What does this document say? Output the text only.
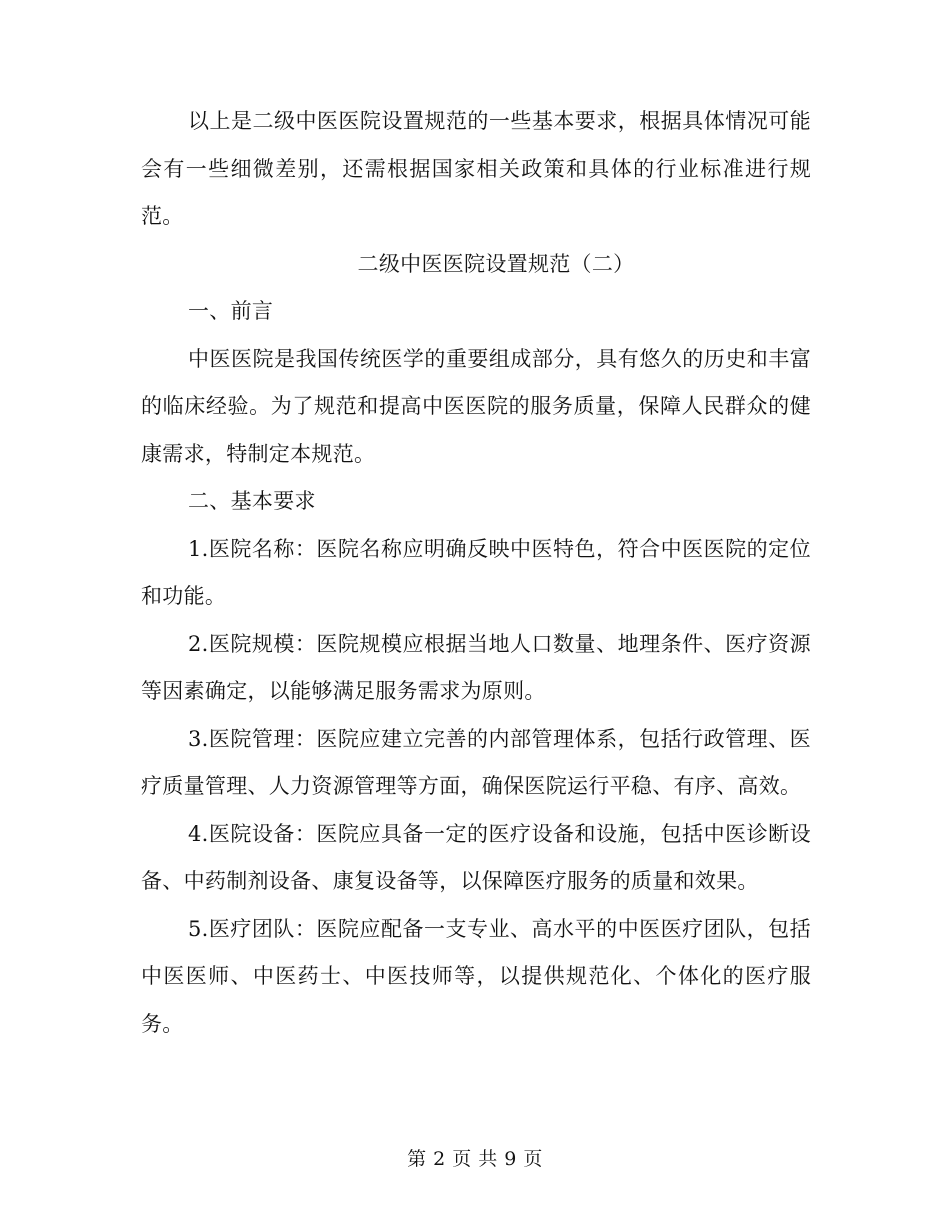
以上是二级中医医院设置规范的一些基本要求，根据具体情况可能会有一些细微差别，还需根据国家相关政策和具体的行业标准进行规范。

二级中医医院设置规范（二）

一、前言

中医医院是我国传统医学的重要组成部分，具有悠久的历史和丰富的临床经验。为了规范和提高中医医院的服务质量，保障人民群众的健康需求，特制定本规范。

二、基本要求

1.医院名称：医院名称应明确反映中医特色，符合中医医院的定位和功能。

2.医院规模：医院规模应根据当地人口数量、地理条件、医疗资源等因素确定，以能够满足服务需求为原则。

3.医院管理：医院应建立完善的内部管理体系，包括行政管理、医疗质量管理、人力资源管理等方面，确保医院运行平稳、有序、高效。

4.医院设备：医院应具备一定的医疗设备和设施，包括中医诊断设备、中药制剂设备、康复设备等，以保障医疗服务的质量和效果。

5.医疗团队：医院应配备一支专业、高水平的中医医疗团队，包括中医医师、中医药士、中医技师等，以提供规范化、个体化的医疗服务。

第 2 页 共 9 页
